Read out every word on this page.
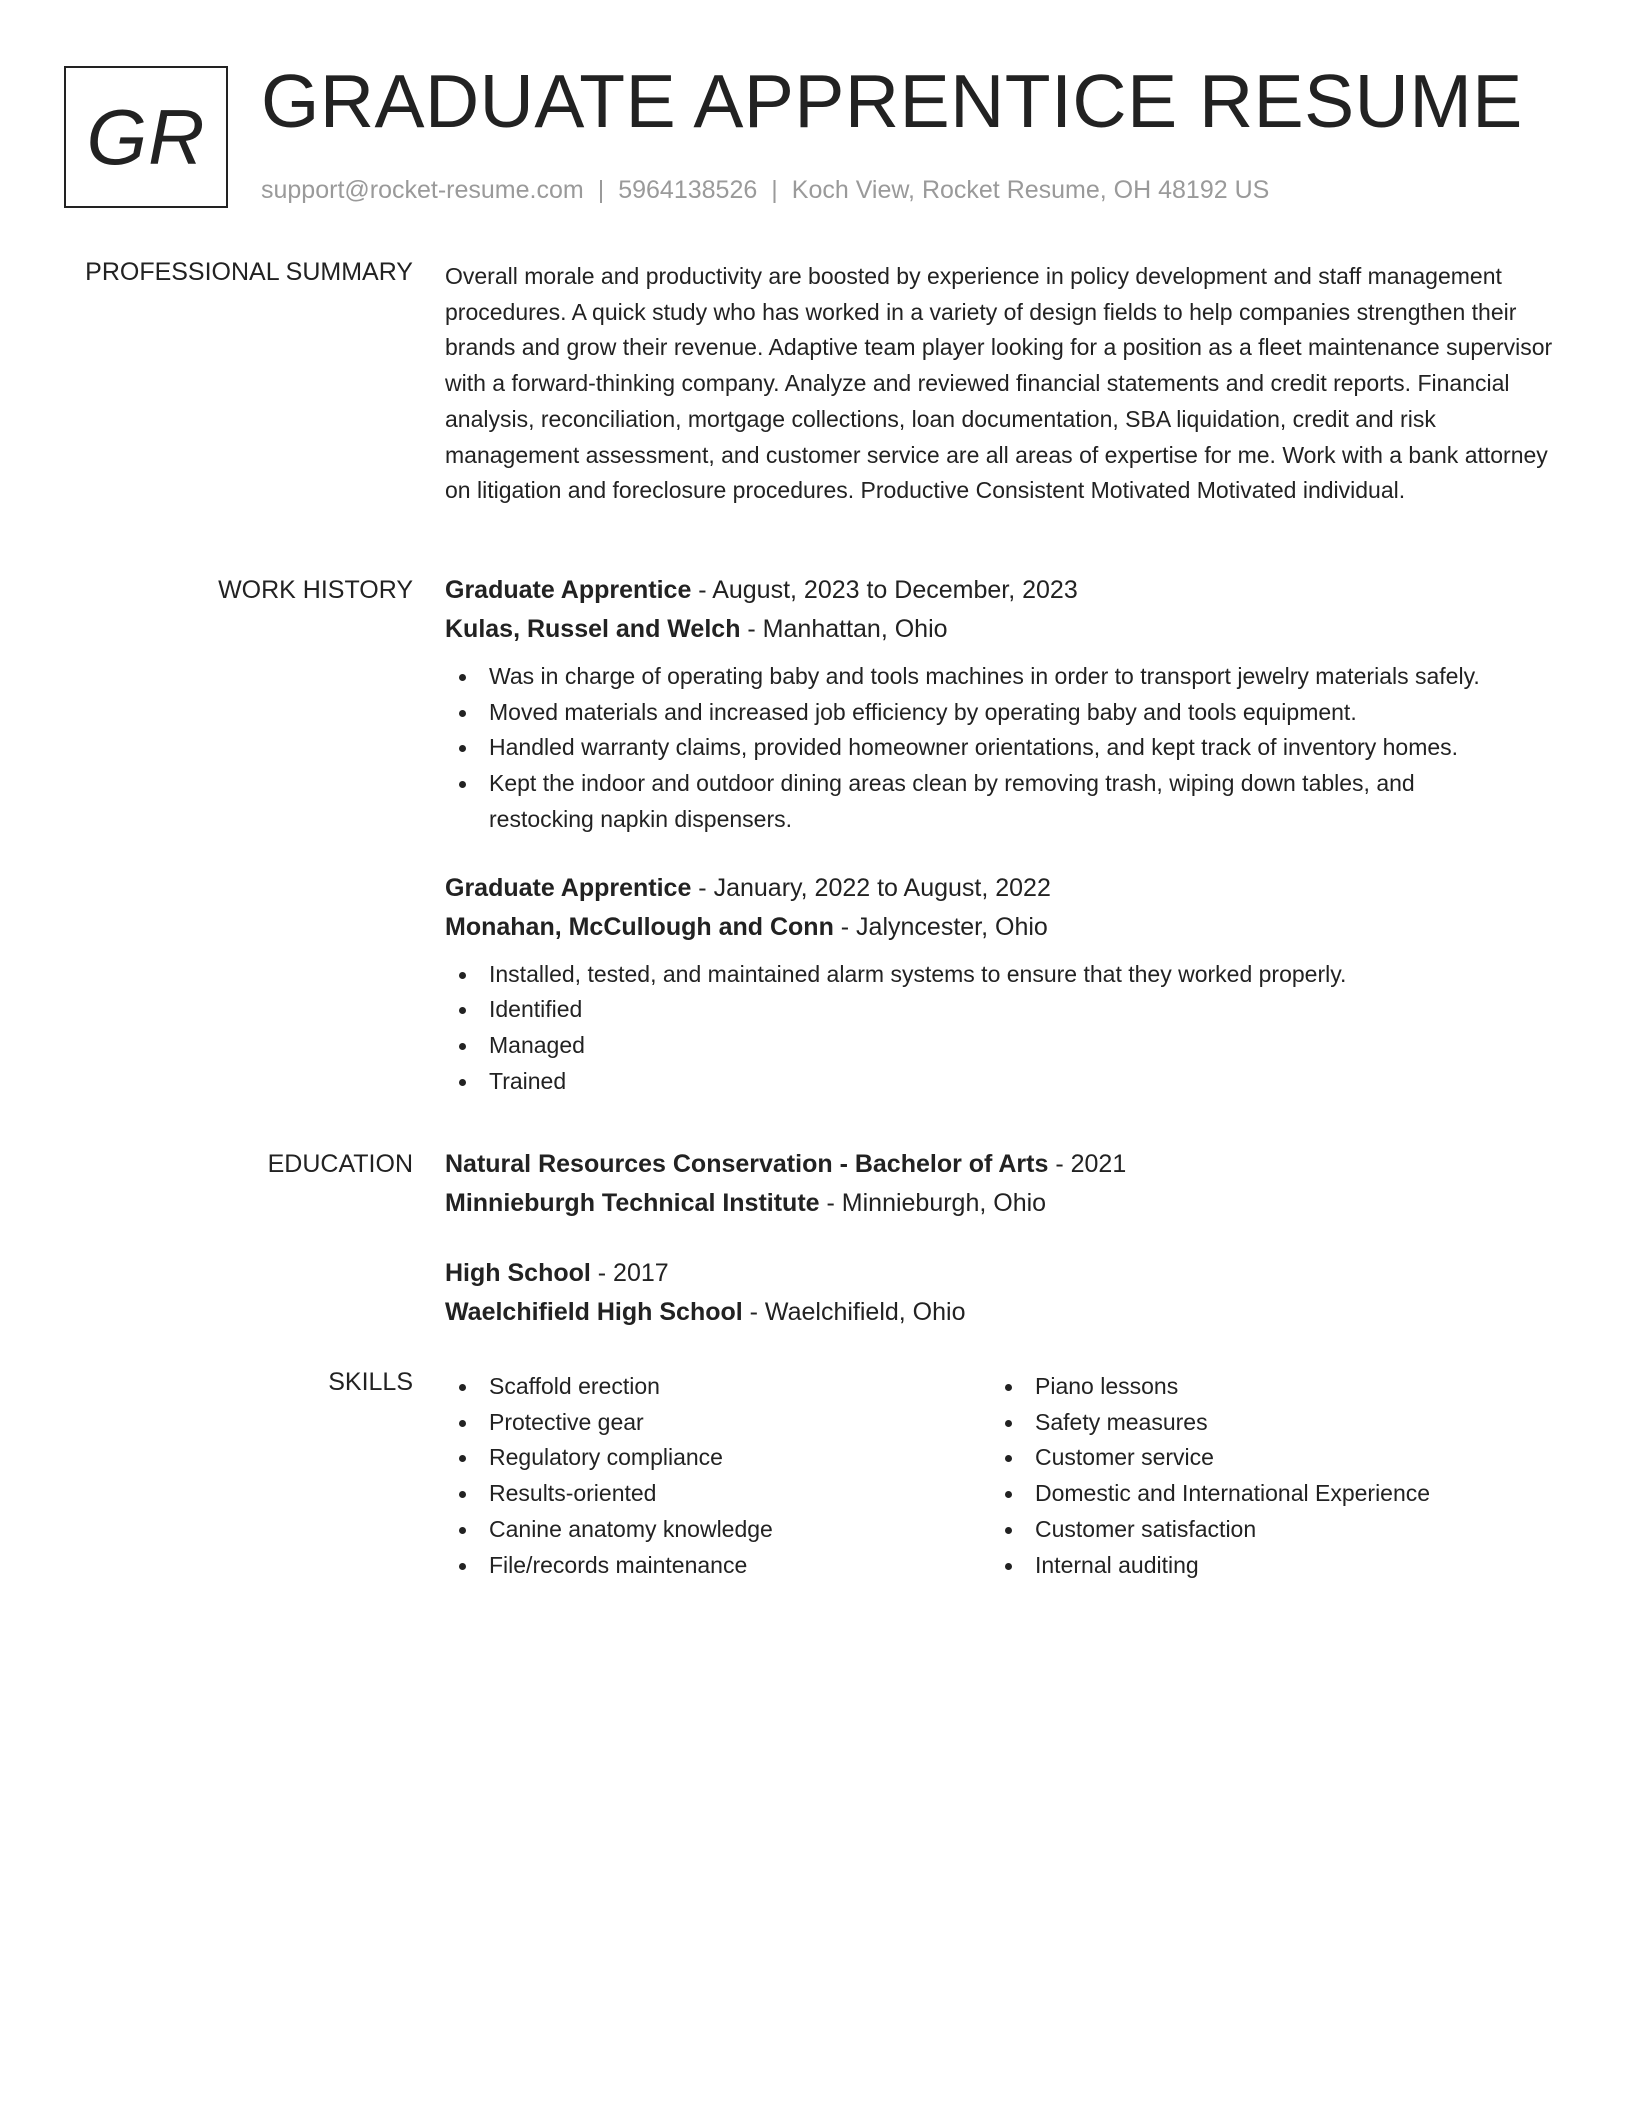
GR GRADUATE APPRENTICE RESUME
support@rocket-resume.com | 5964138526 | Koch View, Rocket Resume, OH 48192 US
PROFESSIONAL SUMMARY Overall morale and productivity are boosted by experience in policy development and staff management procedures. A quick study who has worked in a variety of design fields to help companies strengthen their brands and grow their revenue. Adaptive team player looking for a position as a fleet maintenance supervisor with a forward-thinking company. Analyze and reviewed financial statements and credit reports. Financial analysis, reconciliation, mortgage collections, loan documentation, SBA liquidation, credit and risk management assessment, and customer service are all areas of expertise for me. Work with a bank attorney on litigation and foreclosure procedures. Productive Consistent Motivated Motivated individual.
WORK HISTORY Graduate Apprentice - August, 2023 to December, 2023
Kulas, Russel and Welch - Manhattan, Ohio
Was in charge of operating baby and tools machines in order to transport jewelry materials safely.
Moved materials and increased job efficiency by operating baby and tools equipment.
Handled warranty claims, provided homeowner orientations, and kept track of inventory homes.
Kept the indoor and outdoor dining areas clean by removing trash, wiping down tables, and restocking napkin dispensers.
Graduate Apprentice - January, 2022 to August, 2022
Monahan, McCullough and Conn - Jalyncester, Ohio
Installed, tested, and maintained alarm systems to ensure that they worked properly.
Identified
Managed
Trained
EDUCATION Natural Resources Conservation - Bachelor of Arts - 2021
Minnieburgh Technical Institute - Minnieburgh, Ohio
High School - 2017
Waelchifield High School - Waelchifield, Ohio
SKILLS	Scaffold erection
Protective gear
Regulatory compliance
Results-oriented
Canine anatomy knowledge
File/records maintenance
Piano lessons
Safety measures
Customer service
Domestic and International Experience
Customer satisfaction
Internal auditing
